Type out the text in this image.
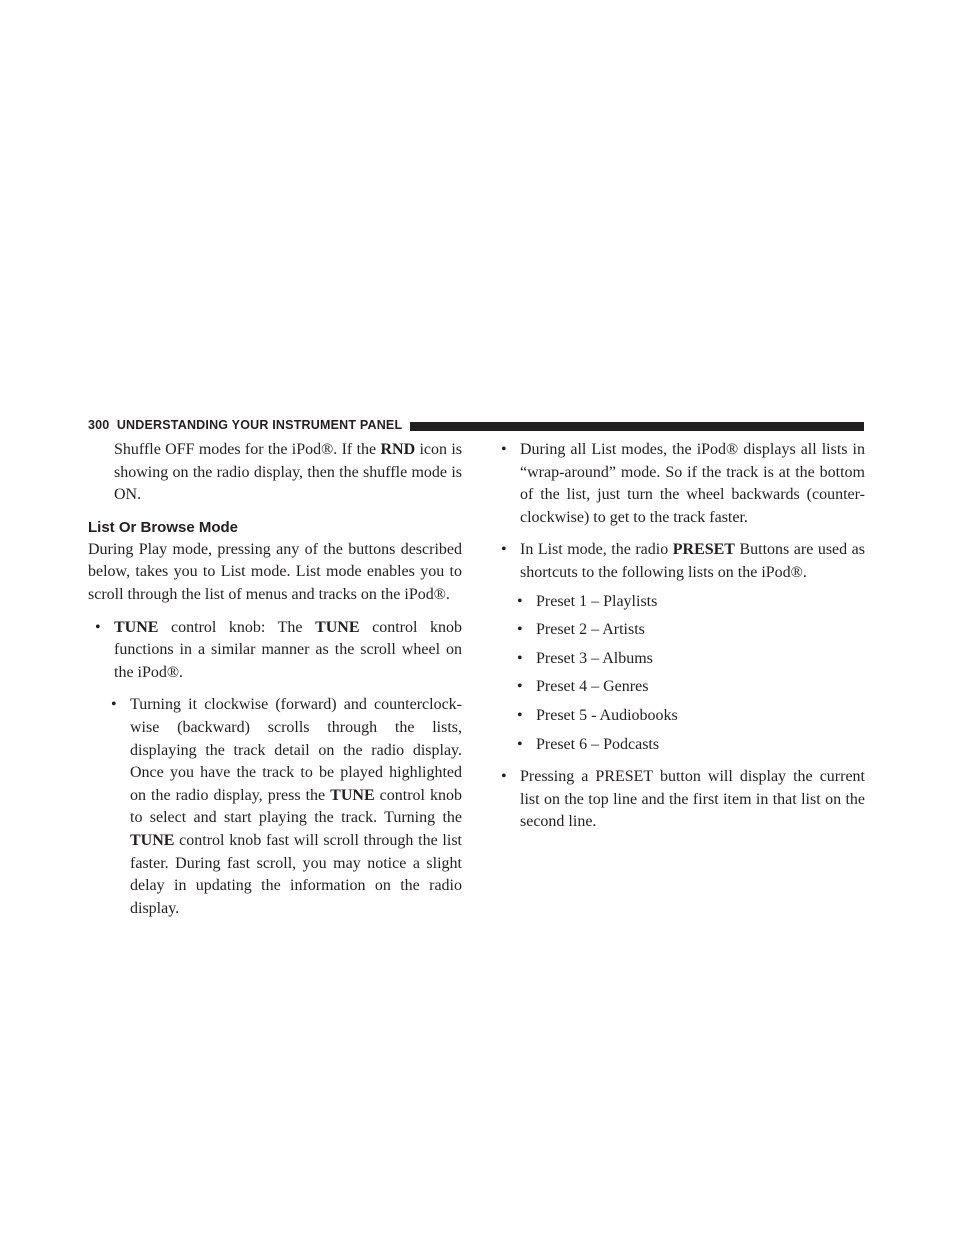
300 UNDERSTANDING YOUR INSTRUMENT PANEL

Shuffle OFF modes for the iPod®. If the RND icon is showing on the radio display, then the shuffle mode is ON.

List Or Browse Mode

During Play mode, pressing any of the buttons described below, takes you to List mode. List mode enables you to scroll through the list of menus and tracks on the iPod®.

• TUNE control knob: The TUNE control knob functions in a similar manner as the scroll wheel on the iPod®.
• Turning it clockwise (forward) and counterclock-wise (backward) scrolls through the lists, displaying the track detail on the radio display. Once you have the track to be played highlighted on the radio display, press the TUNE control knob to select and start playing the track. Turning the TUNE control knob fast will scroll through the list faster. During fast scroll, you may notice a slight delay in updating the information on the radio display.
• During all List modes, the iPod® displays all lists in “wrap-around” mode. So if the track is at the bottom of the list, just turn the wheel backwards (counter-clockwise) to get to the track faster.
• In List mode, the radio PRESET Buttons are used as shortcuts to the following lists on the iPod®.
• Preset 1 – Playlists
• Preset 2 – Artists
• Preset 3 – Albums
• Preset 4 – Genres
• Preset 5 - Audiobooks
• Preset 6 – Podcasts
• Pressing a PRESET button will display the current list on the top line and the first item in that list on the second line.
